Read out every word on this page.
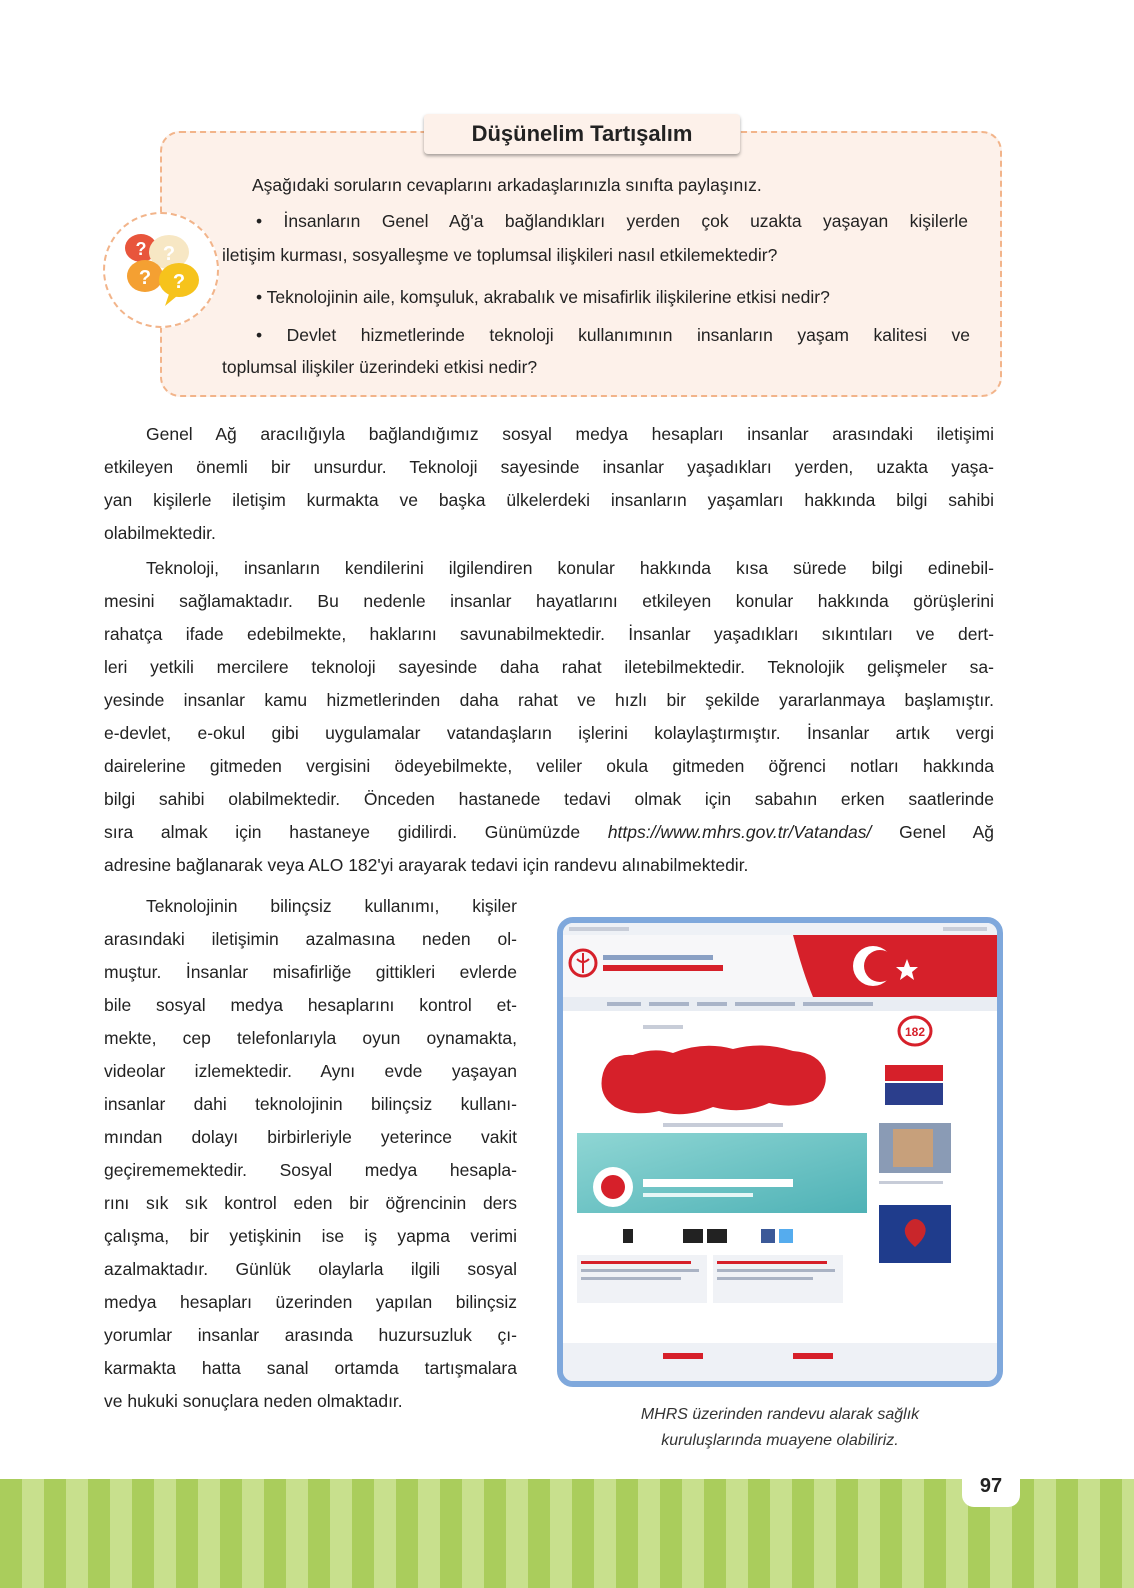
Düşünelim Tartışalım
? ?
? ?
Aşağıdaki soruların cevaplarını arkadaşlarınızla sınıfta paylaşınız.
• İnsanların Genel Ağ'a bağlandıkları yerden çok uzakta yaşayan kişilerle
iletişim kurması, sosyalleşme ve toplumsal ilişkileri nasıl etkilemektedir?
• Teknolojinin aile, komşuluk, akrabalık ve misafirlik ilişkilerine etkisi nedir?
• Devlet hizmetlerinde teknoloji kullanımının insanların yaşam kalitesi ve
toplumsal ilişkiler üzerindeki etkisi nedir?
Genel Ağ aracılığıyla bağlandığımız sosyal medya hesapları insanlar arasındaki iletişimi
etkileyen önemli bir unsurdur. Teknoloji sayesinde insanlar yaşadıkları yerden, uzakta yaşa-
yan kişilerle iletişim kurmakta ve başka ülkelerdeki insanların yaşamları hakkında bilgi sahibi
olabilmektedir.
Teknoloji, insanların kendilerini ilgilendiren konular hakkında kısa sürede bilgi edinebil-
mesini sağlamaktadır. Bu nedenle insanlar hayatlarını etkileyen konular hakkında görüşlerini
rahatça ifade edebilmekte, haklarını savunabilmektedir. İnsanlar yaşadıkları sıkıntıları ve dert-
leri yetkili mercilere teknoloji sayesinde daha rahat iletebilmektedir. Teknolojik gelişmeler sa-
yesinde insanlar kamu hizmetlerinden daha rahat ve hızlı bir şekilde yararlanmaya başlamıştır.
e-devlet, e-okul gibi uygulamalar vatandaşların işlerini kolaylaştırmıştır. İnsanlar artık vergi
dairelerine gitmeden vergisini ödeyebilmekte, veliler okula gitmeden öğrenci notları hakkında
bilgi sahibi olabilmektedir. Önceden hastanede tedavi olmak için sabahın erken saatlerinde
sıra almak için hastaneye gidilirdi. Günümüzde https://www.mhrs.gov.tr/Vatandas/ Genel Ağ
adresine bağlanarak veya ALO 182'yi arayarak tedavi için randevu alınabilmektedir.
Teknolojinin bilinçsiz kullanımı, kişiler
arasındaki iletişimin azalmasına neden ol-
muştur. İnsanlar misafirliğe gittikleri evlerde
bile sosyal medya hesaplarını kontrol et-
mekte, cep telefonlarıyla oyun oynamakta,
videolar izlemektedir. Aynı evde yaşayan
insanlar dahi teknolojinin bilinçsiz kullanı-
mından dolayı birbirleriyle yeterince vakit
geçirememektedir. Sosyal medya hesapla-
rını sık sık kontrol eden bir öğrencinin ders
çalışma, bir yetişkinin ise iş yapma verimi
azalmaktadır. Günlük olaylarla ilgili sosyal
medya hesapları üzerinden yapılan bilinçsiz
yorumlar insanlar arasında huzursuzluk çı-
karmakta hatta sanal ortamda tartışmalara
ve hukuki sonuçlara neden olmaktadır.
182
MHRS üzerinden randevu alarak sağlık
kuruluşlarında muayene olabiliriz.
97
